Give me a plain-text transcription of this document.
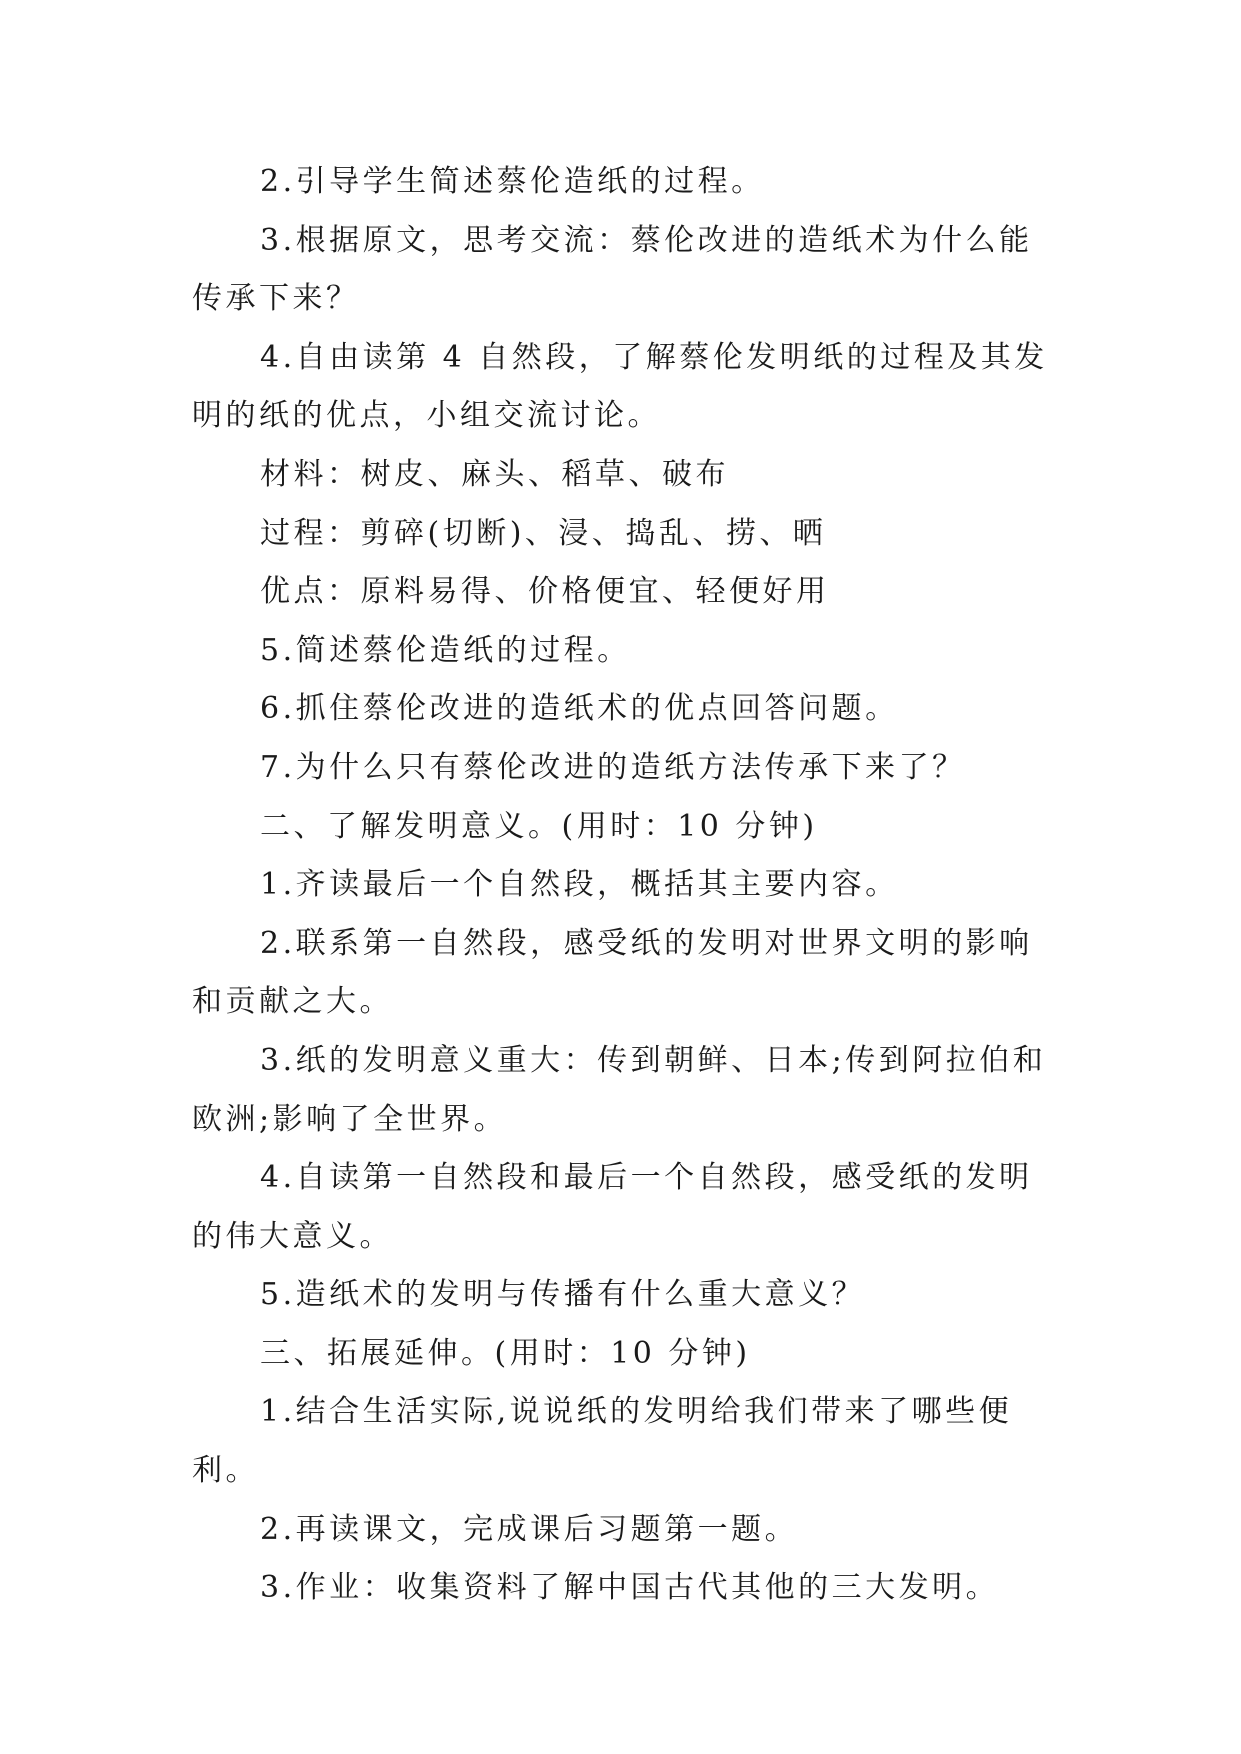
2.引导学生简述蔡伦造纸的过程。

3.根据原文，思考交流：蔡伦改进的造纸术为什么能传承下来？

4.自由读第 4 自然段，了解蔡伦发明纸的过程及其发明的纸的优点，小组交流讨论。

材料：树皮、麻头、稻草、破布

过程：剪碎(切断)、浸、捣乱、捞、晒

优点：原料易得、价格便宜、轻便好用

5.简述蔡伦造纸的过程。

6.抓住蔡伦改进的造纸术的优点回答问题。

7.为什么只有蔡伦改进的造纸方法传承下来了？

二、了解发明意义。(用时：10 分钟)

1.齐读最后一个自然段，概括其主要内容。

2.联系第一自然段，感受纸的发明对世界文明的影响和贡献之大。

3.纸的发明意义重大：传到朝鲜、日本;传到阿拉伯和欧洲;影响了全世界。

4.自读第一自然段和最后一个自然段，感受纸的发明的伟大意义。

5.造纸术的发明与传播有什么重大意义？

三、拓展延伸。(用时：10 分钟)

1.结合生活实际,说说纸的发明给我们带来了哪些便利。

2.再读课文，完成课后习题第一题。

3.作业：收集资料了解中国古代其他的三大发明。
